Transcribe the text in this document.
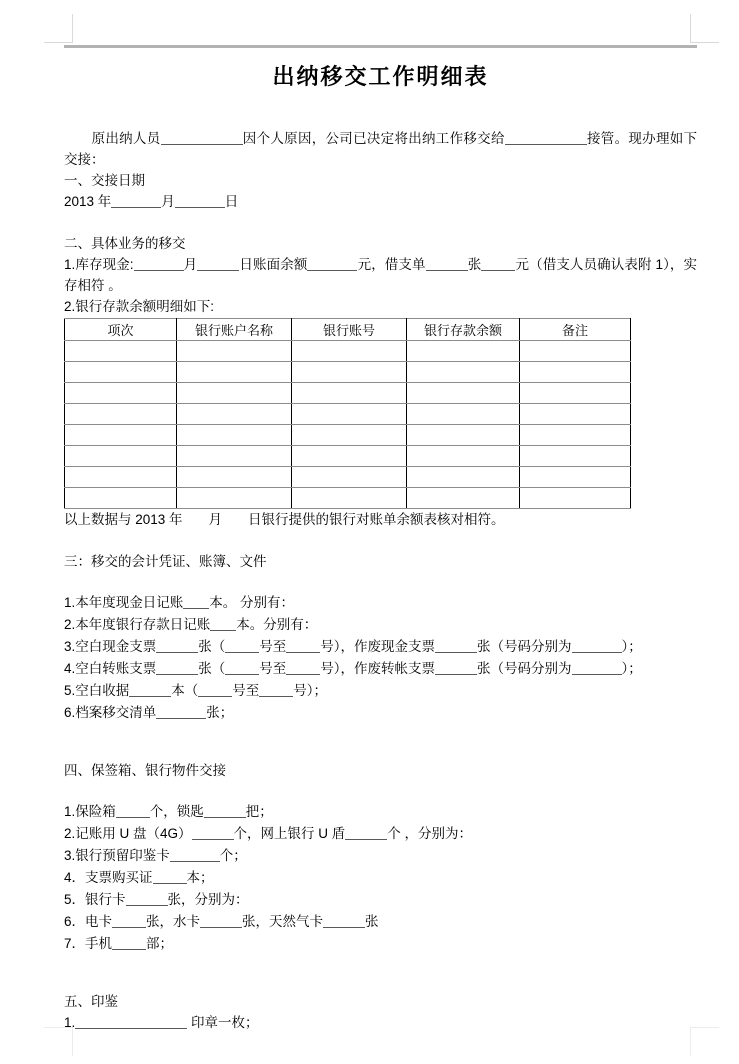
出纳移交工作明细表

　　原出纳人员	因个人原因，公司已决定将出纳工作移交给	接管。现办理如下交接：

一、交接日期

2013 年	月	日

二、具体业务的移交

1.库存现金:	月	日账面余额	元，借支单	张	元（借支人员确认表附 1），实存相符 。

2.银行存款余额明细如下:

项次	银行账户名称	银行账号	银行存款余额	备注

以上数据与 2013 年 月 日银行提供的银行对账单余额表核对相符。

三：移交的会计凭证、账簿、文件

1.本年度现金日记账 本。 分别有：

2.本年度银行存款日记账 本。分别有：

3.空白现金支票	张（	号至	号），作废现金支票	张（号码分别为	）；

4.空白转账支票	张（	号至	号），作废转帐支票	张（号码分别为	）；

5.空白收据	本（	号至	号）；

6.档案移交清单	张；

四、保签箱、银行物件交接

1.保险箱	个，锁匙	把；

2.记账用 U 盘（4G）	个，网上银行 U 盾	个 ，分别为：

3.银行预留印鉴卡	个；

4．支票购买证	本；

5．银行卡	张，分别为：

6．电卡	张，水卡	张，天然气卡	张

7．手机	部；

五、印鉴

1.	印章一枚；
